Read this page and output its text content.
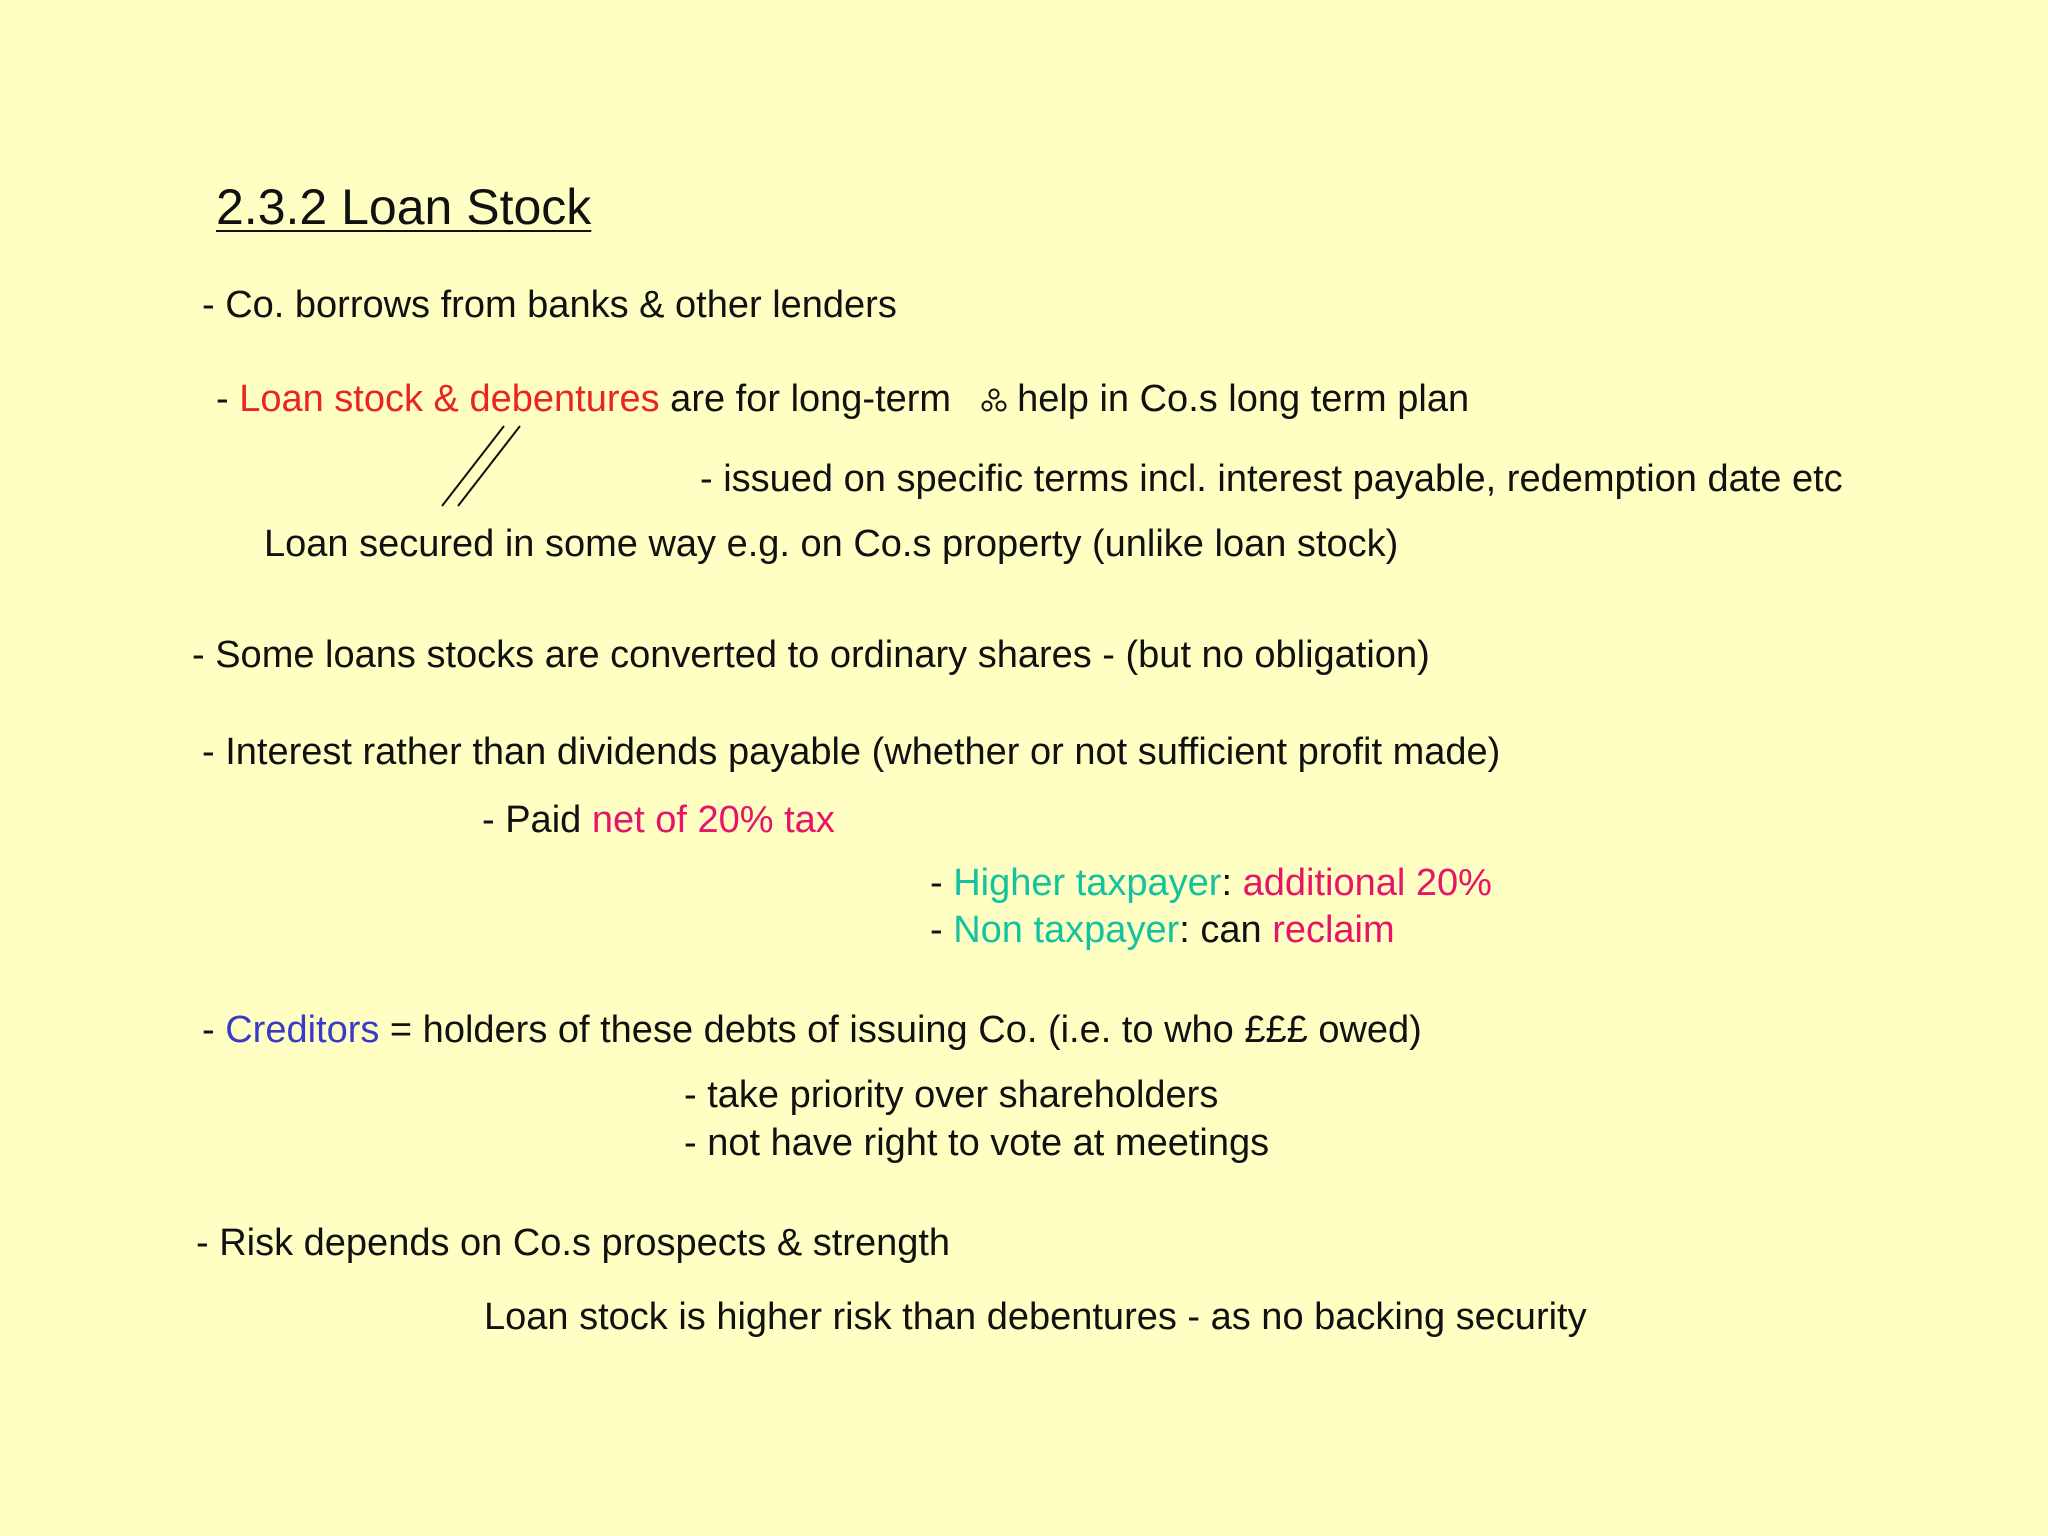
2.3.2 Loan Stock
- Co. borrows from banks & other lenders
- Loan stock & debentures are for long-term help in Co.s long term plan
- issued on specific terms incl. interest payable, redemption date etc
Loan secured in some way e.g. on Co.s property (unlike loan stock)
- Some loans stocks are converted to ordinary shares - (but no obligation)
- Interest rather than dividends payable (whether or not sufficient profit made)
- Paid net of 20% tax
- Higher taxpayer: additional 20%
- Non taxpayer: can reclaim
- Creditors = holders of these debts of issuing Co. (i.e. to who £££ owed)
- take priority over shareholders
- not have right to vote at meetings
- Risk depends on Co.s prospects & strength
Loan stock is higher risk than debentures - as no backing security
